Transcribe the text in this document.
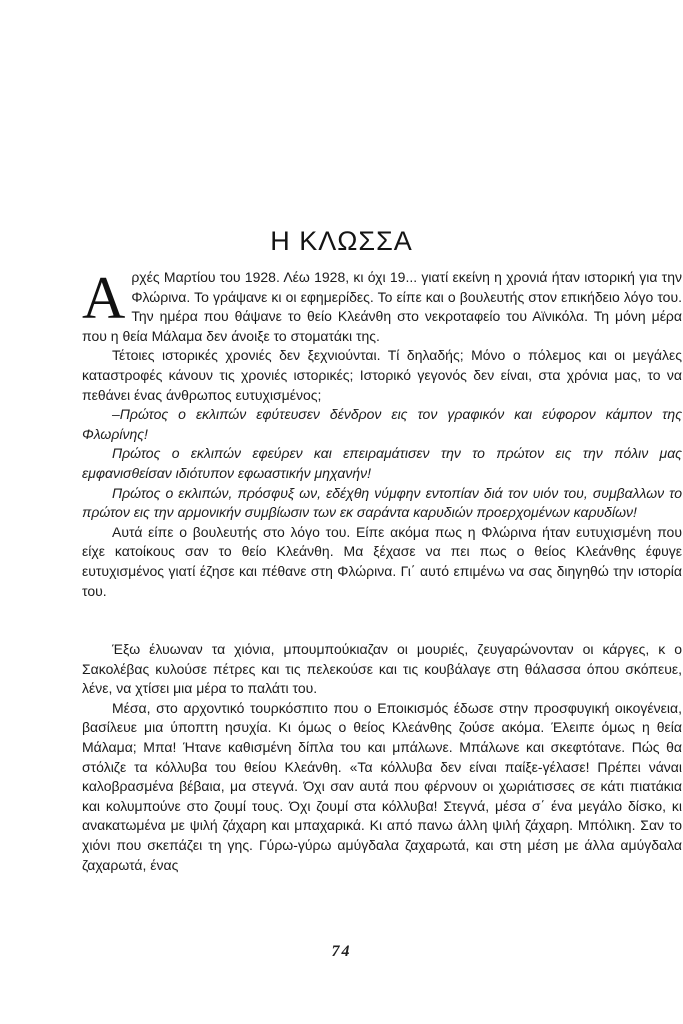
Η ΚΛΩΣΣΑ

Αρχές Μαρτίου του 1928. Λέω 1928, κι όχι 19... γιατί εκείνη η χρονιά ήταν ιστορική για την Φλώρινα. Το γράψανε κι οι εφημερίδες. Το είπε και ο βουλευτής στον επικήδειο λόγο του. Την ημέρα που θάψανε το θείο Κλεάνθη στο νεκροταφείο του Αϊνικόλα. Τη μόνη μέρα που η θεία Μάλαμα δεν άνοιξε το στοματάκι της.

Τέτοιες ιστορικές χρονιές δεν ξεχνιούνται. Τί δηλαδής; Μόνο ο πόλεμος και οι μεγάλες καταστροφές κάνουν τις χρονιές ιστορικές; Ιστορικό γεγονός δεν είναι, στα χρόνια μας, το να πεθάνει ένας άνθρωπος ευτυχισμένος;

–Πρώτος ο εκλιπών εφύτευσεν δένδρον εις τον γραφικόν και εύφορον κάμπον της Φλωρίνης!

Πρώτος ο εκλιπών εφεύρεν και επειραμάτισεν την το πρώτον εις την πόλιν μας εμφανισθείσαν ιδιότυπον εφωαστικήν μηχανήν!

Πρώτος ο εκλιπών, πρόσφυξ ων, εδέχθη νύμφην εντοπίαν διά τον υιόν του, συμβαλλων το πρώτον εις την αρμονικήν συμβίωσιν των εκ σαράντα καρυδιών προερχομένων καρυδίων!

Αυτά είπε ο βουλευτής στο λόγο του. Είπε ακόμα πως η Φλώρινα ήταν ευτυχισμένη που είχε κατοίκους σαν το θείο Κλεάνθη. Μα ξέχασε να πει πως ο θείος Κλεάνθης έφυγε ευτυχισμένος γιατί έζησε και πέθανε στη Φλώρινα. Γι΄ αυτό επιμένω να σας διηγηθώ την ιστορία του.

Έξω έλυωναν τα χιόνια, μπουμπούκιαζαν οι μουριές, ζευγαρώνονταν οι κάργες, κ ο Σακολέβας κυλούσε πέτρες και τις πελεκούσε και τις κουβάλαγε στη θάλασσα όπου σκόπευε, λένε, να χτίσει μια μέρα το παλάτι του.

Μέσα, στο αρχοντικό τουρκόσπιτο που ο Εποικισμός έδωσε στην προσφυγική οικογένεια, βασίλευε μια ύποπτη ησυχία. Κι όμως ο θείος Κλεάνθης ζούσε ακόμα. Έλειπε όμως η θεία Μάλαμα; Μπα! Ήτανε καθισμένη δίπλα του και μπάλωνε. Μπάλωνε και σκεφτότανε. Πώς θα στόλιζε τα κόλλυβα του θείου Κλεάνθη. «Τα κόλλυβα δεν είναι παίξε-γέλασε! Πρέπει νάναι καλοβρασμένα βέβαια, μα στεγνά. Όχι σαν αυτά που φέρνουν οι χωριάτισσες σε κάτι πιατάκια και κολυμπούνε στο ζουμί τους. Όχι ζουμί στα κόλλυβα! Στεγνά, μέσα σ΄ ένα μεγάλο δίσκο, κι ανακατωμένα με ψιλή ζάχαρη και μπαχαρικά. Κι από πανω άλλη ψιλή ζάχαρη. Μπόλικη. Σαν το χιόνι που σκεπάζει τη γης. Γύρω-γύρω αμύγδαλα ζαχαρωτά, και στη μέση με άλλα αμύγδαλα ζαχαρωτά, ένας

74
